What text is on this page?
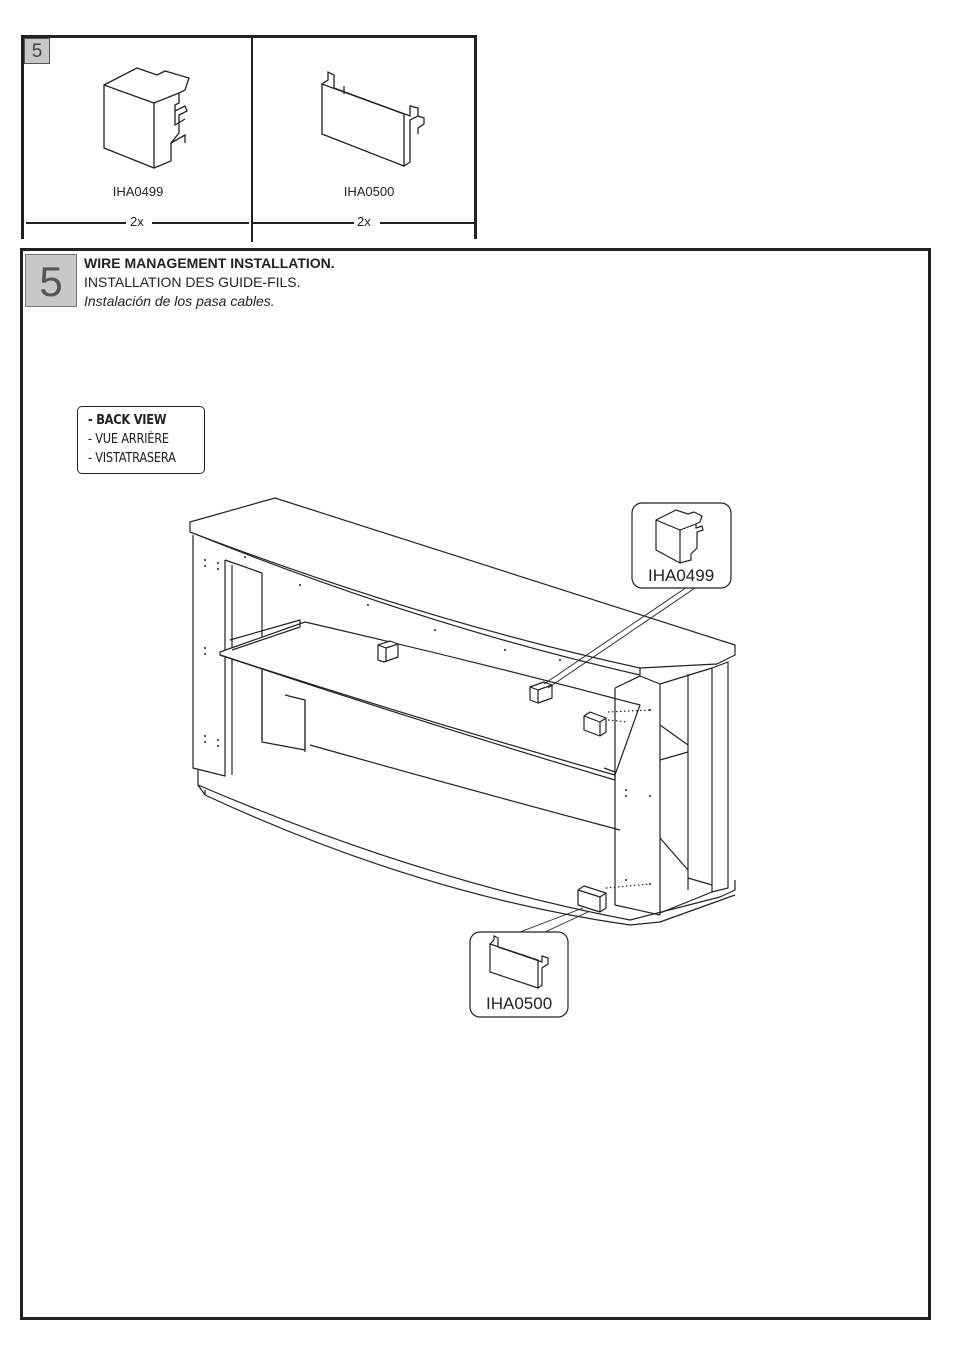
5
IHA0499
2x
IHA0500
2x
5	WIRE MANAGEMENT INSTALLATION.
INSTALLATION DES GUIDE-FILS.
Instalación de los pasa cables.
- BACK VIEW
- VUE ARRIÈRE
- VISTATRASERA
IHA0499
IHA0500
